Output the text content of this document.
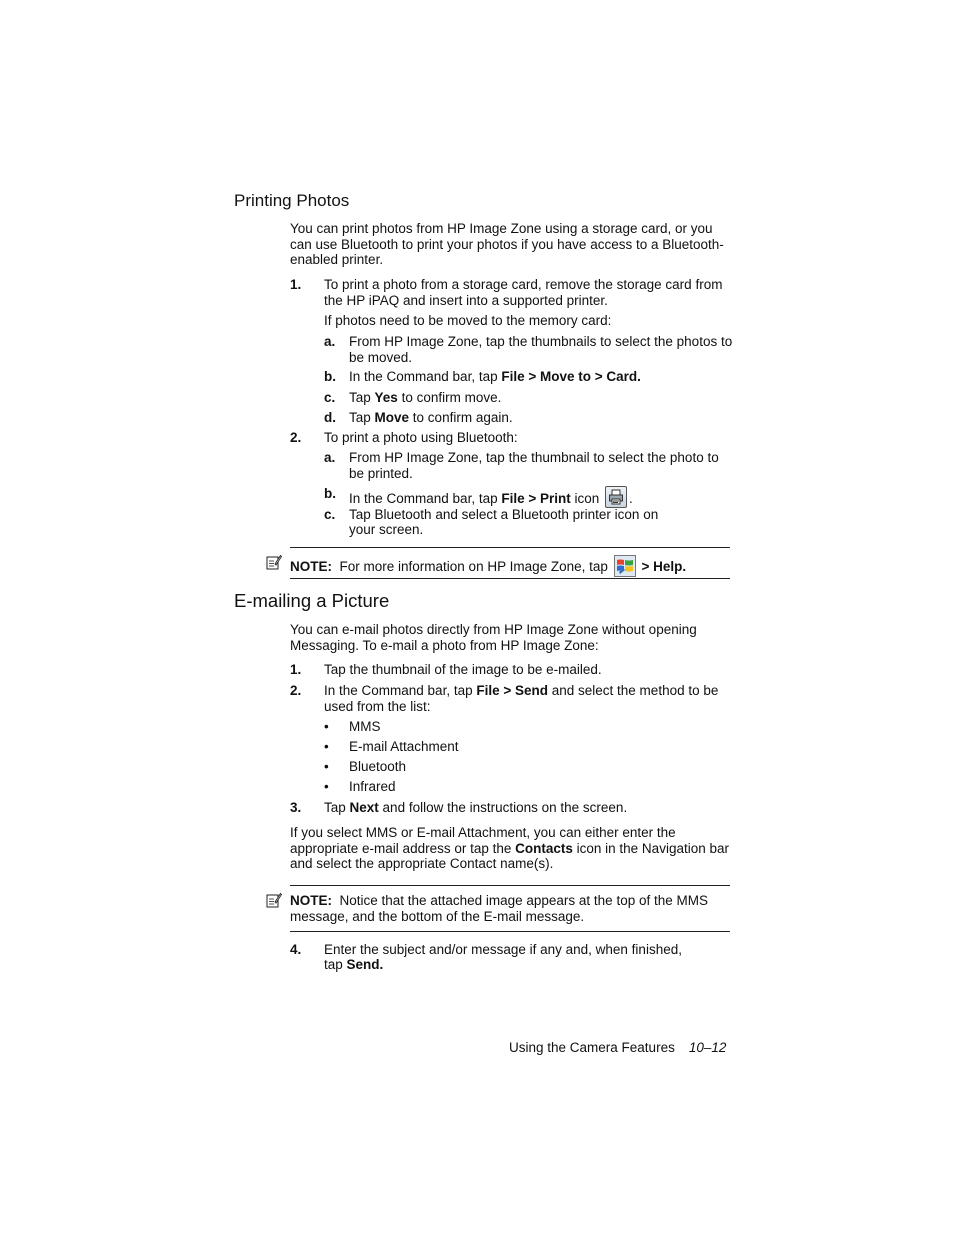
Printing Photos
You can print photos from HP Image Zone using a storage card, or you can use Bluetooth to print your photos if you have access to a Bluetooth-enabled printer.
1. To print a photo from a storage card, remove the storage card from the HP iPAQ and insert into a supported printer.
If photos need to be moved to the memory card:
a. From HP Image Zone, tap the thumbnails to select the photos to be moved.
b. In the Command bar, tap File > Move to > Card.
c. Tap Yes to confirm move.
d. Tap Move to confirm again.
2. To print a photo using Bluetooth:
a. From HP Image Zone, tap the thumbnail to select the photo to be printed.
b. In the Command bar, tap File > Print icon .
c. Tap Bluetooth and select a Bluetooth printer icon on
your screen.
NOTE: For more information on HP Image Zone, tap > Help.
E-mailing a Picture
You can e-mail photos directly from HP Image Zone without opening Messaging. To e-mail a photo from HP Image Zone:
1. Tap the thumbnail of the image to be e-mailed.
2. In the Command bar, tap File > Send and select the method to be used from the list:
• MMS
• E-mail Attachment
• Bluetooth
• Infrared
3. Tap Next and follow the instructions on the screen.
If you select MMS or E-mail Attachment, you can either enter the appropriate e-mail address or tap the Contacts icon in the Navigation bar and select the appropriate Contact name(s).
NOTE: Notice that the attached image appears at the top of the MMS message, and the bottom of the E-mail message.
4. Enter the subject and/or message if any and, when finished,
tap Send.
Using the Camera Features 10–12
